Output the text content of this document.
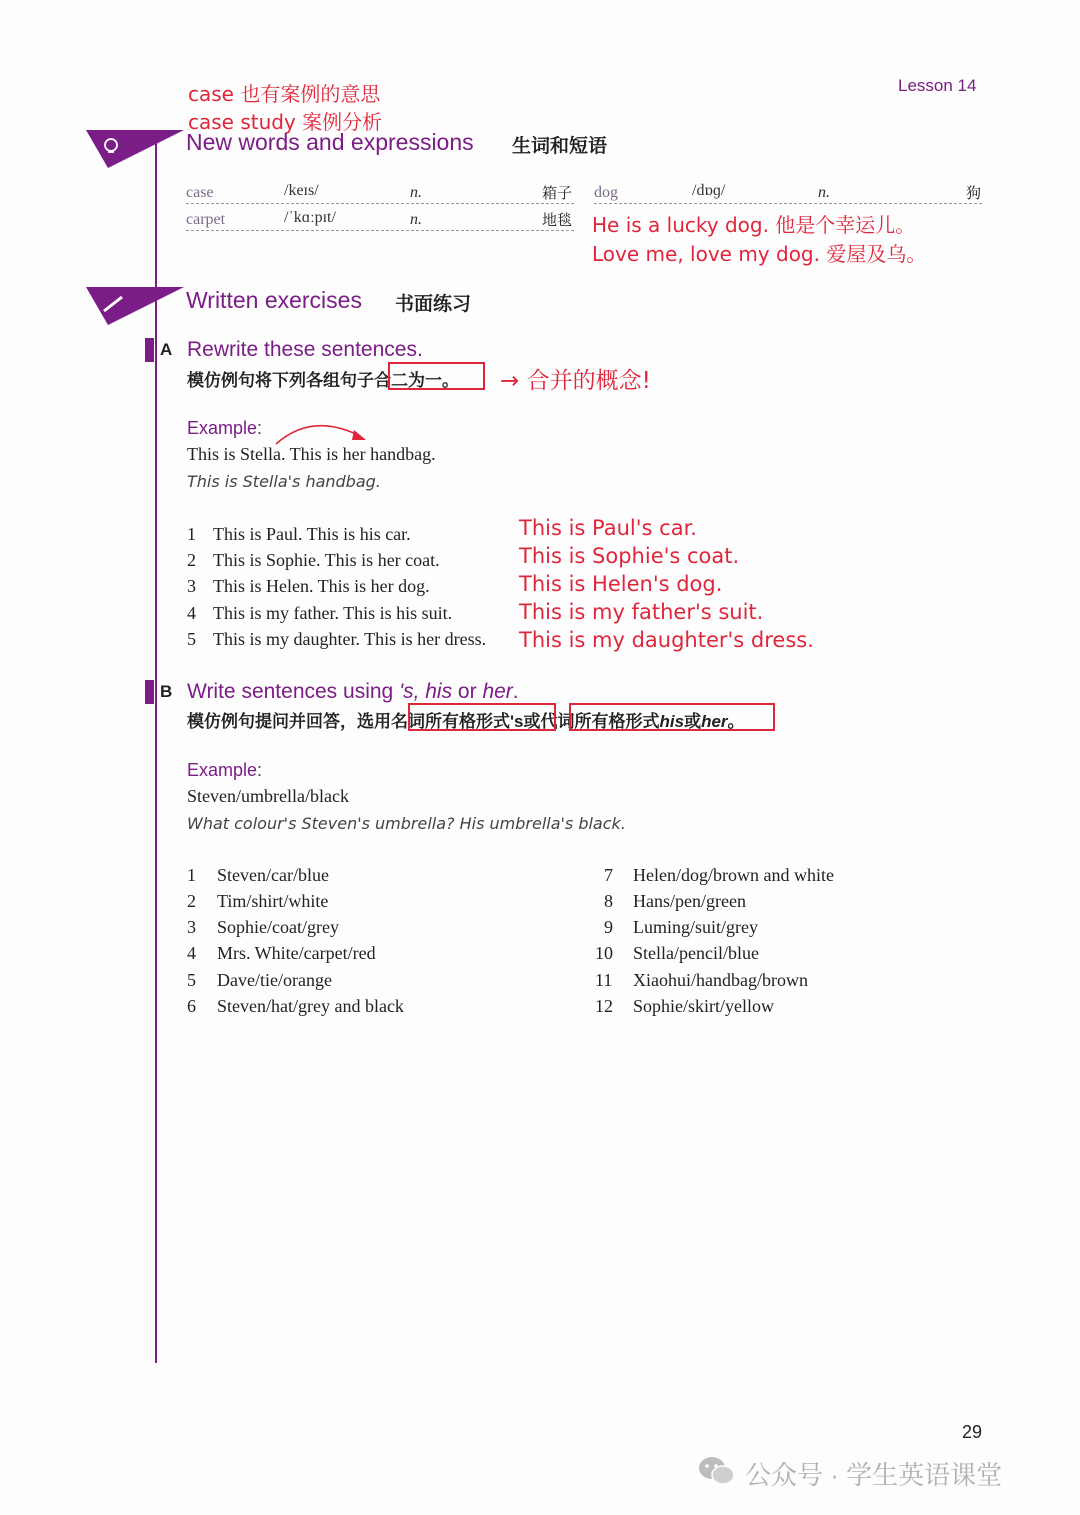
case 也有案例的意思
case study 案例分析
Lesson 14
New words and expressions 生词和短语
case	/keɪs/	n.	箱子
carpet	/ˈkɑːpɪt/	n.	地毯
dog	/dɒɡ/	n.	狗
He is a lucky dog. 他是个幸运儿。
Love me, love my dog. 爱屋及乌。
Written exercises 书面练习
A Rewrite these sentences.
模仿例句将下列各组句子合二为一。 → 合并的概念!
Example:
This is Stella. This is her handbag.
This is Stella's handbag.
1 This is Paul. This is his car.	This is Paul's car.
2 This is Sophie. This is her coat.	This is Sophie's coat.
3 This is Helen. This is her dog.	This is Helen's dog.
4 This is my father. This is his suit.	This is my father's suit.
5 This is my daughter. This is her dress. This is my daughter's dress.
B Write sentences using 's, his or her.
模仿例句提问并回答，选用名词所有格形式's或代词所有格形式his或her。
Example:
Steven/umbrella/black
What colour's Steven's umbrella? His umbrella's black.
1 Steven/car/blue
2 Tim/shirt/white
3 Sophie/coat/grey
4 Mrs. White/carpet/red
5 Dave/tie/orange
6 Steven/hat/grey and black
7 Helen/dog/brown and white
8 Hans/pen/green
9 Luming/suit/grey
10 Stella/pencil/blue
11 Xiaohui/handbag/brown
12 Sophie/skirt/yellow
29
公众号 · 学生英语课堂
